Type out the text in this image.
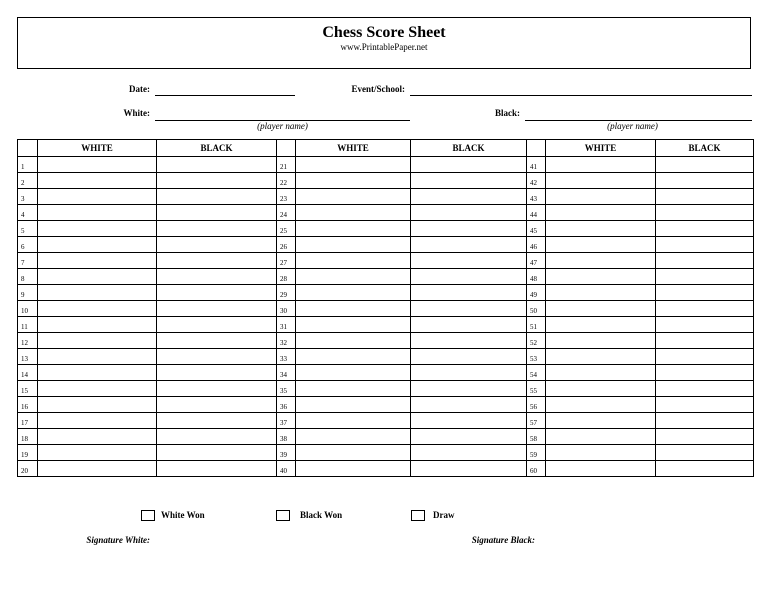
Chess Score Sheet
www.PrintablePaper.net
Date:	Event/School:
White:
(player name)
Black:
(player name)
	WHITE	BLACK		WHITE	BLACK		WHITE	BLACK
1			21			41		
2			22			42		
3			23			43		
4			24			44		
5			25			45		
6			26			46		
7			27			47		
8			28			48		
9			29			49		
10			30			50		
11			31			51		
12			32			52		
13			33			53		
14			34			54		
15			35			55		
16			36			56		
17			37			57		
18			38			58		
19			39			59		
20			40			60		
White Won	Black Won	Draw
Signature White:	Signature Black:
